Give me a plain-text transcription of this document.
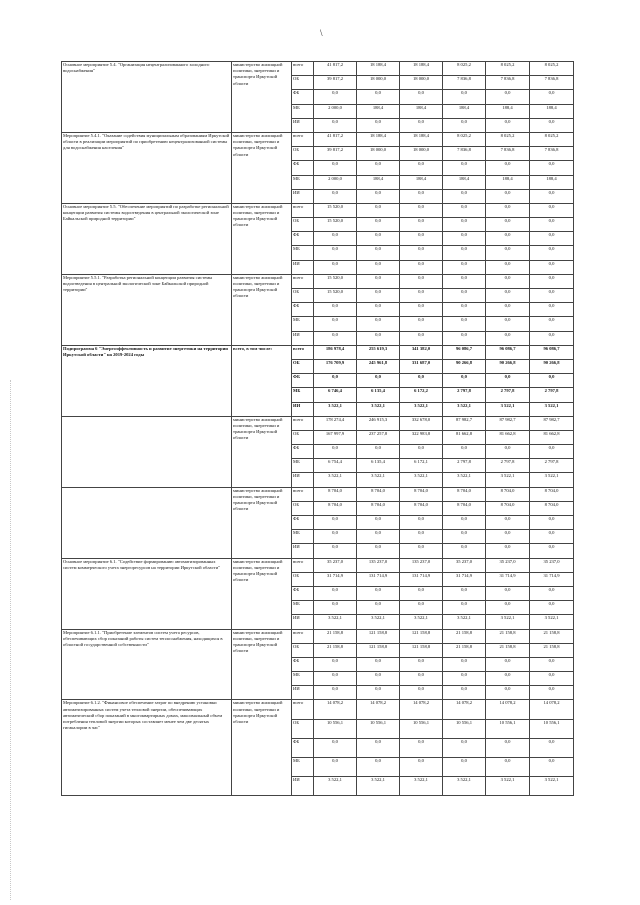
\
Основное мероприятие 5.4. "Организация нецентрализованного холодного водоснабжения"	министерство жилищной политики, энергетики и транспорта Иркутской области	всего	41 817,2	18 188,4	18 188,4	8 025,2	8 025,2	8 025,2
		ОБ	39 817,2	18 000,0	18 000,0	7 836,8	7 836,8	7 836,8
		ФБ	0,0	0,0	0,0	0,0	0,0	0,0
		МБ	2 000,0	188,4	188,4	188,4	188,4	188,4
		ИИ	0,0	0,0	0,0	0,0	0,0	0,0
Мероприятие 5.4.1. "Оказание содействия муниципальным образованиям Иркутской области в реализации мероприятий по приобретению нецентрализованной системы для водоснабжения населения"	министерство жилищной политики, энергетики и транспорта Иркутской области	всего	41 817,2	18 188,4	18 188,4	8 025,2	8 025,2	8 025,2
		ОБ	39 817,2	18 000,0	18 000,0	7 836,8	7 836,8	7 836,8
		ФБ	0,0	0,0	0,0	0,0	0,0	0,0
		МБ	2 000,0	188,4	188,4	188,4	188,4	188,4
		ИИ	0,0	0,0	0,0	0,0	0,0	0,0
Основное мероприятие 5.5. "Обеспечение мероприятий по разработке региональной концепции развития системы водоотведения в центральной экологической зоне Байкальской природной территории"	министерство жилищной политики, энергетики и транспорта Иркутской области	всего	15 520,0	0,0	0,0	0,0	0,0	0,0
		ОБ	15 520,0	0,0	0,0	0,0	0,0	0,0
		ФБ	0,0	0,0	0,0	0,0	0,0	0,0
		МБ	0,0	0,0	0,0	0,0	0,0	0,0
		ИИ	0,0	0,0	0,0	0,0	0,0	0,0
Мероприятие 5.5.1. "Разработка региональной концепции развития системы водоотведения в центральной экологической зоне Байкальской природной территории"	министерство жилищной политики, энергетики и транспорта Иркутской области	всего	15 520,0	0,0	0,0	0,0	0,0	0,0
		ОБ	15 520,0	0,0	0,0	0,0	0,0	0,0
		ФБ	0,0	0,0	0,0	0,0	0,0	0,0
		МБ	0,0	0,0	0,0	0,0	0,0	0,0
		ИИ	0,0	0,0	0,0	0,0	0,0	0,0
Подпрограмма 6 "Энергоэффективность и развитие энергетики на территории Иркутской области" на 2019-2024 годы	всего, в том числе:	всего	186 978,4	255 619,3	341 382,0	96 086,7	96 086,7	96 086,7
		ОБ	176 709,9	245 961,8	331 687,0	90 266,8	90 266,8	90 266,8
		ФБ	0,0	0,0	0,0	0,0	0,0	0,0
		МБ	6 746,4	6 135,4	6 172,2	2 797,8	2 797,8	2 797,8
		ИИ	3 522,1	3 522,1	3 522,1	3 522,1	3 522,1	3 522,1
	министерство жилищной политики, энергетики и транспорта Иркутской области	всего	178 274,4	246 915,3	332 678,0	87 982,7	87 982,7	87 982,7
		ОБ	167 997,9	237 257,8	322 983,8	81 662,8	81 662,8	81 662,8
		ФБ	0,0	0,0	0,0	0,0	0,0	0,0
		МБ	6 754,4	6 135,4	6 172,1	2 797,8	2 797,8	2 797,8
		ИИ	3 522,1	3 522,1	3 522,1	3 522,1	3 522,1	3 522,1
	министерство жилищной политики, энергетики и транспорта Иркутской области	всего	8 704,0	8 704,0	8 704,0	8 704,0	8 704,0	8 704,0
		ОБ	8 704,0	8 704,0	8 704,0	8 704,0	8 704,0	8 704,0
		ФБ	0,0	0,0	0,0	0,0	0,0	0,0
		МБ	0,0	0,0	0,0	0,0	0,0	0,0
		ИИ	0,0	0,0	0,0	0,0	0,0	0,0
Основное мероприятие 6.1. "Содействие формированию автоматизированных систем коммерческого учета энергоресурсов на территории Иркутской области"	министерство жилищной политики, энергетики и транспорта Иркутской области	всего	35 237,0	135 237,0	135 237,0	35 237,0	35 237,0	35 237,0
		ОБ	31 714,9	131 714,9	131 714,9	31 714,9	31 714,9	31 714,9
		ФБ	0,0	0,0	0,0	0,0	0,0	0,0
		МБ	0,0	0,0	0,0	0,0	0,0	0,0
		ИИ	3 522,1	3 522,1	3 522,1	3 522,1	3 522,1	3 522,1
Мероприятие 6.1.1. "Приобретение элементов систем учета ресурсов, обеспечивающих сбор показаний работы систем теплоснабжения, находящихся в областной государственной собственности"	министерство жилищной политики, энергетики и транспорта Иркутской области	всего	21 158,8	121 158,8	121 158,8	21 158,8	21 158,8	21 158,8
		ОБ	21 158,8	121 158,8	121 158,8	21 158,8	21 158,8	21 158,8
		ФБ	0,0	0,0	0,0	0,0	0,0	0,0
		МБ	0,0	0,0	0,0	0,0	0,0	0,0
		ИИ	0,0	0,0	0,0	0,0	0,0	0,0
Мероприятие 6.1.2. "Финансовое обеспечение затрат по внедрению установки автоматизированных систем учета тепловой энергии, обеспечивающих автоматический сбор показаний в многоквартирных домах, максимальный объем потребления тепловой энергии которых составляет менее чем две десятых гигакалории в час"	министерство жилищной политики, энергетики и транспорта Иркутской области	всего	14 078,2	14 078,2	14 078,2	14 078,2	14 078,2	14 078,2
		ОБ	10 556,1	10 556,1	10 556,1	10 556,1	10 556,1	10 556,1
		ФБ	0,0	0,0	0,0	0,0	0,0	0,0
		МБ	0,0	0,0	0,0	0,0	0,0	0,0
		ИИ	3 522,1	3 522,1	3 522,1	3 522,1	3 522,1	3 522,1
